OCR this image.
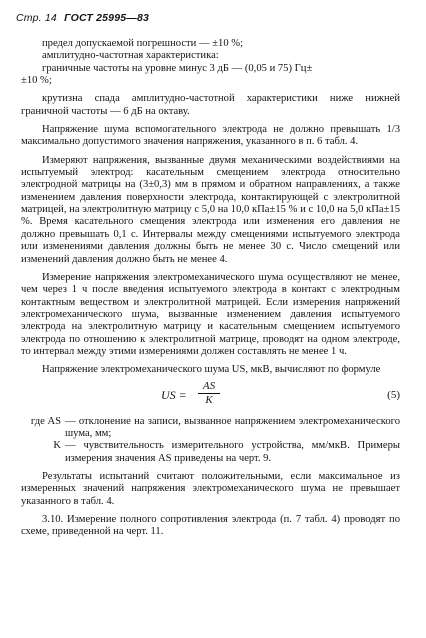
Стр. 14 ГОСТ 25995—83

предел допускаемой погрешности — ±10 %;

амплитудно-частотная характеристика:

граничные частоты на уровне минус 3 дБ — (0,05 и 75) Гц±

±10 %;

крутизна спада амплитудно-частотной характеристики ниже нижней граничной частоты — 6 дБ на октаву.

Напряжение шума вспомогательного электрода не должно превышать 1/3 максимально допустимого значения напряжения, указанного в п. 6 табл. 4.

Измеряют напряжения, вызванные двумя механическими воздействиями на испытуемый электрод: касательным смещением электрода относительно электродной матрицы на (3±0,3) мм в прямом и обратном направлениях, а также изменением давления поверхности электрода, контактирующей с электролитной матрицей, на электролитную матрицу с 5,0 на 10,0 кПа±15 % и с 10,0 на 5,0 кПа±15 %. Время касательного смещения электрода или изменения его давления не должно превышать 0,1 с. Интервалы между смещениями испытуемого электрода или изменениями давления должны быть не менее 30 с. Число смещений или изменений давления должно быть не менее 4.

Измерение напряжения электромеханического шума осуществляют не менее, чем через 1 ч после введения испытуемого электрода в контакт с электродным контактным веществом и электролитной матрицей. Если измерения напряжений электромеханического шума, вызванные изменением давления испытуемого электрода на электролитную матрицу и касательным смещением испытуемого электрода по отношению к электролитной матрице, проводят на одном электроде, то интервал между этими измерениями должен составлять не менее 1 ч.

Напряжение электромеханического шума US, мкВ, вычисляют по формуле

US = $\frac{AS}{K}$	(5)
где AS — отклонение на записи, вызванное напряжением электромеханического шума, мм;
K — чувствительность измерительного устройства, мм/мкВ. Примеры измерения значения AS приведены на черт. 9.

Результаты испытаний считают положительными, если максимальное из измеренных значений напряжения электромеханического шума не превышает указанного в табл. 4.

3.10. Измерение полного сопротивления электрода (п. 7 табл. 4) проводят по схеме, приведенной на черт. 11.
